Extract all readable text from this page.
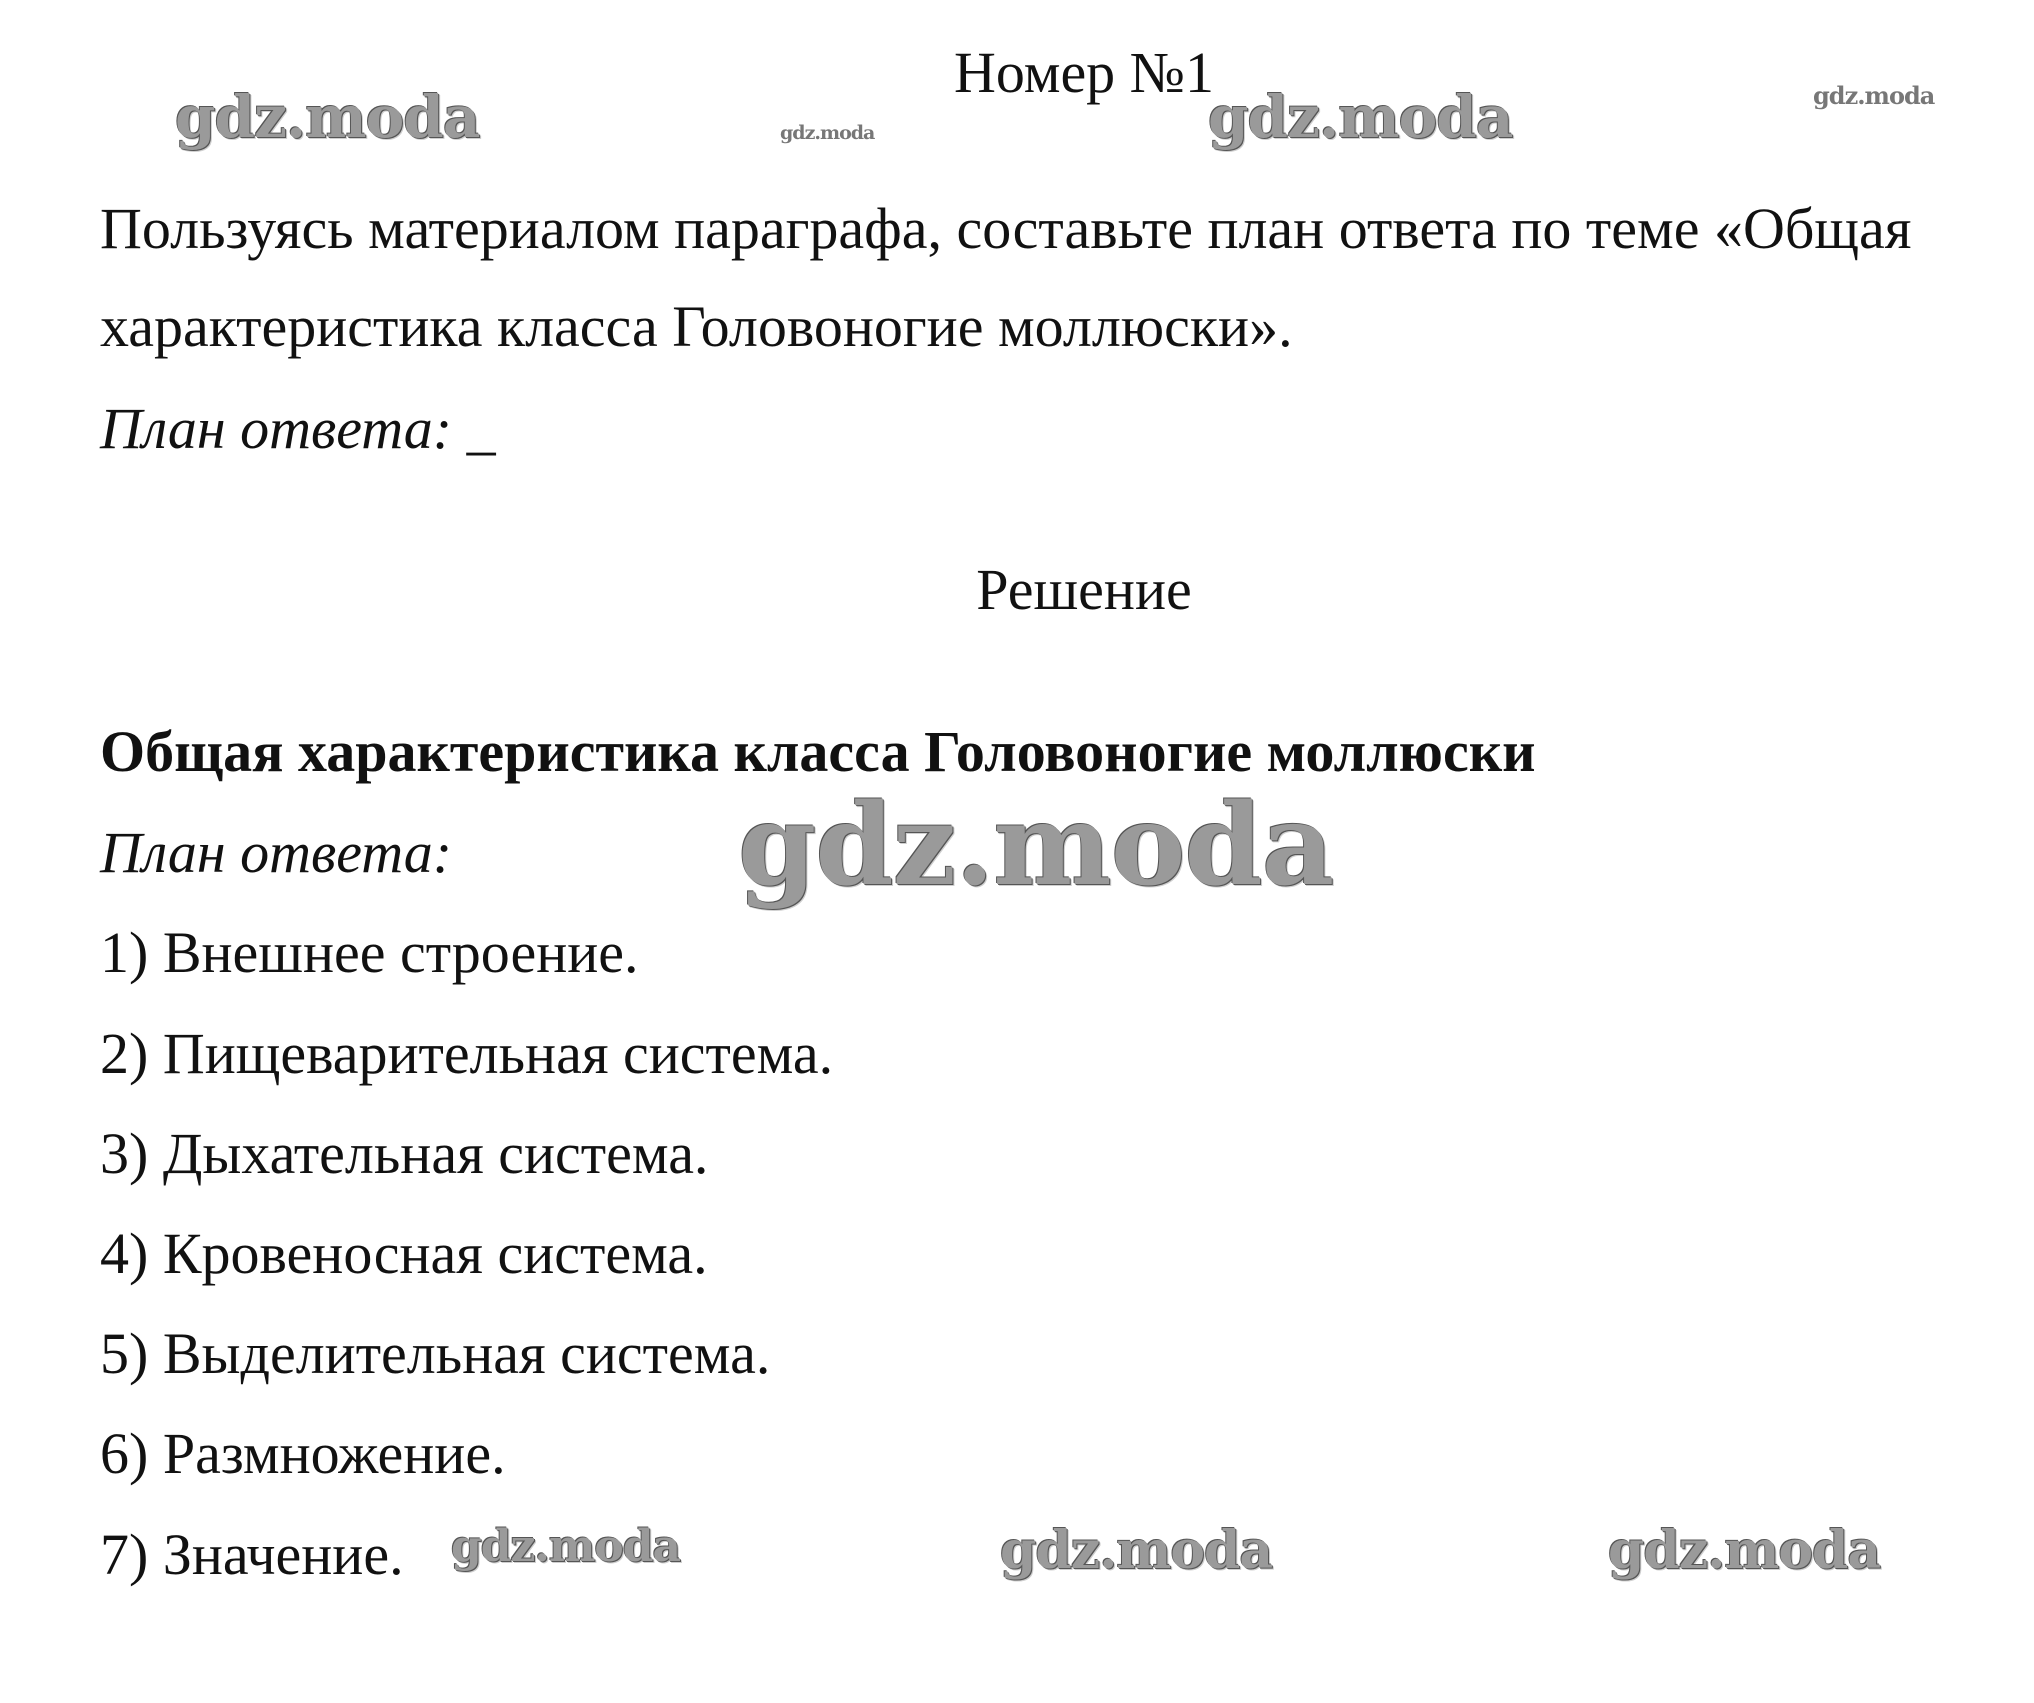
Номер №1
Пользуясь материалом параграфа, составьте план ответа по теме «Общая
характеристика класса Головоногие моллюски».
План ответа: _
Решение
Общая характеристика класса Головоногие моллюски
План ответа:
1) Внешнее строение.
2) Пищеварительная система.
3) Дыхательная система.
4) Кровеносная система.
5) Выделительная система.
6) Размножение.
7) Значение.
gdz.moda	gdz.moda	gdz.moda	gdz.moda
gdz.moda
gdz.moda	gdz.moda	gdz.moda
